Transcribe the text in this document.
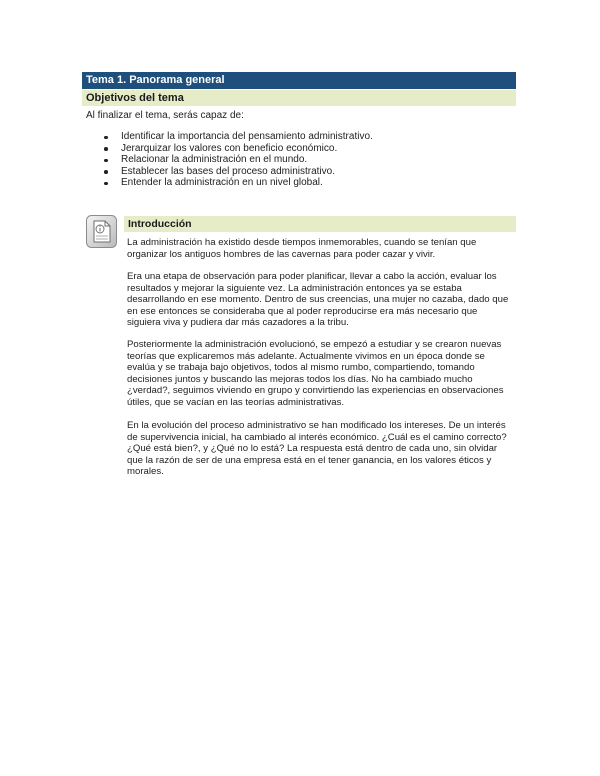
Tema 1. Panorama general
Objetivos del tema
Al finalizar el tema, serás capaz de:
Identificar la importancia del pensamiento administrativo.
Jerarquizar los valores con beneficio económico.
Relacionar la administración en el mundo.
Establecer las bases del proceso administrativo.
Entender la administración en un nivel global.
Introducción

La administración ha existido desde tiempos inmemorables, cuando se tenían que organizar los antiguos hombres de las cavernas para poder cazar y vivir.

Era una etapa de observación para poder planificar, llevar a cabo la acción, evaluar los resultados y mejorar la siguiente vez. La administración entonces ya se estaba desarrollando en ese momento. Dentro de sus creencias, una mujer no cazaba, dado que en ese entonces se consideraba que al poder reproducirse era más necesario que siguiera viva y pudiera dar más cazadores a la tribu.

Posteriormente la administración evolucionó, se empezó a estudiar y se crearon nuevas teorías que explicaremos más adelante. Actualmente vivimos en un época donde se evalúa y se trabaja bajo objetivos, todos al mismo rumbo, compartiendo, tomando decisiones juntos y buscando las mejoras todos los días. No ha cambiado mucho ¿verdad?, seguimos viviendo en grupo y convirtiendo las experiencias en observaciones útiles, que se vacían en las teorías administrativas.

En la evolución del proceso administrativo se han modificado los intereses. De un interés de supervivencia inicial, ha cambiado al interés económico. ¿Cuál es el camino correcto? ¿Qué está bien?, y ¿Qué no lo está? La respuesta está dentro de cada uno, sin olvidar que la razón de ser de una empresa está en el tener ganancia, en los valores éticos y morales.
